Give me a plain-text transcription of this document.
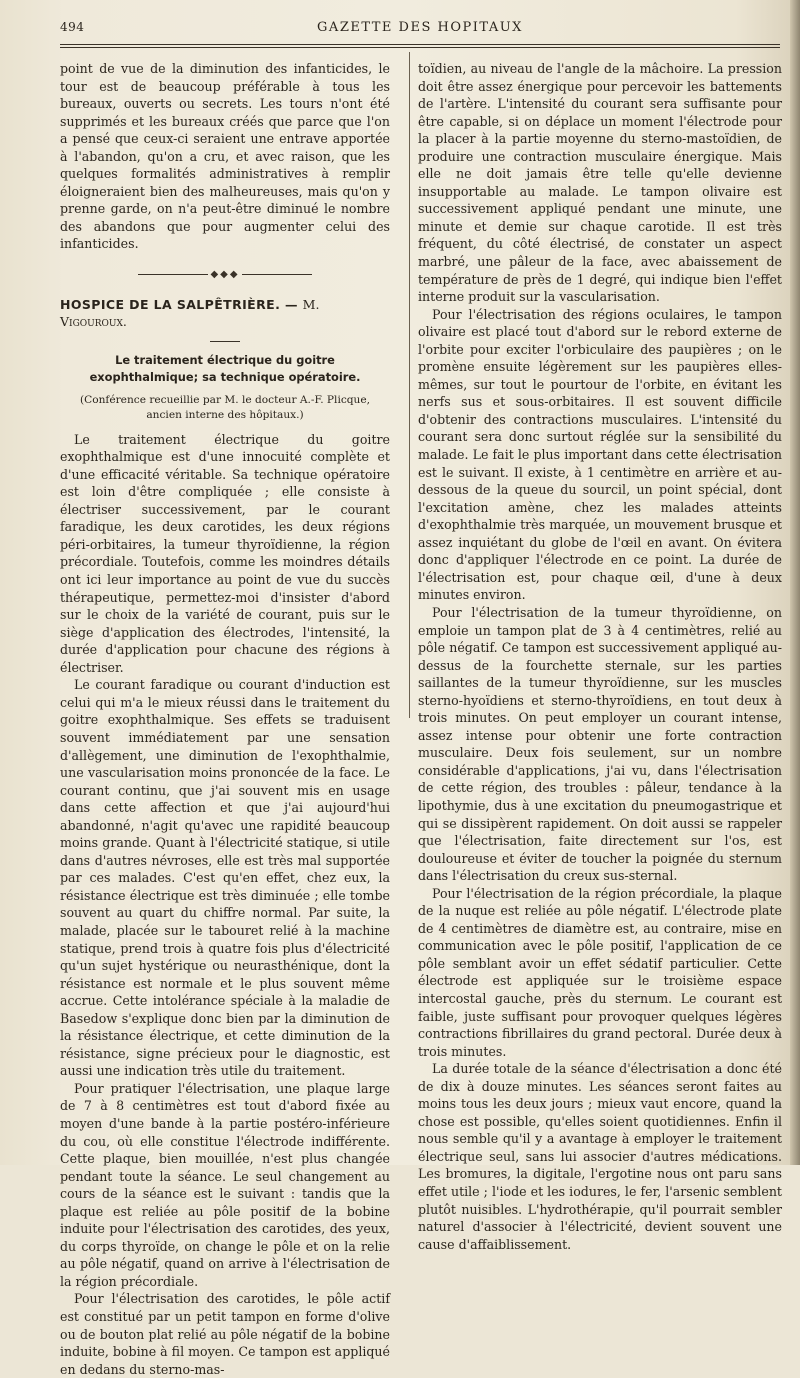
494	GAZETTE DES HOPITAUX

point de vue de la diminution des infanticides, le tour est de beaucoup préférable à tous les bureaux, ouverts ou secrets. Les tours n'ont été supprimés et les bureaux créés que parce que l'on a pensé que ceux-ci seraient une entrave apportée à l'abandon, qu'on a cru, et avec raison, que les quelques formalités administratives à remplir éloigneraient bien des malheureuses, mais qu'on y prenne garde, on n'a peut-être diminué le nombre des abandons que pour augmenter celui des infanticides.

◆◆◆

HOSPICE DE LA SALPÊTRIÈRE. — M. Vigouroux.

Le traitement électrique du goitre exophthalmique; sa technique opératoire.

(Conférence recueillie par M. le docteur A.-F. Plicque, ancien interne des hôpitaux.)

Le traitement électrique du goitre exophthalmique est d'une innocuité complète et d'une efficacité véritable. Sa technique opératoire est loin d'être compliquée ; elle consiste à électriser successivement, par le courant faradique, les deux carotides, les deux régions péri-orbitaires, la tumeur thyroïdienne, la région précordiale. Toutefois, comme les moindres détails ont ici leur importance au point de vue du succès thérapeutique, permettez-moi d'insister d'abord sur le choix de la variété de courant, puis sur le siège d'application des électrodes, l'intensité, la durée d'application pour chacune des régions à électriser.

Le courant faradique ou courant d'induction est celui qui m'a le mieux réussi dans le traitement du goitre exophthalmique. Ses effets se traduisent souvent immédiatement par une sensation d'allègement, une diminution de l'exophthalmie, une vascularisation moins prononcée de la face. Le courant continu, que j'ai souvent mis en usage dans cette affection et que j'ai aujourd'hui abandonné, n'agit qu'avec une rapidité beaucoup moins grande. Quant à l'électricité statique, si utile dans d'autres névroses, elle est très mal supportée par ces malades. C'est qu'en effet, chez eux, la résistance électrique est très diminuée ; elle tombe souvent au quart du chiffre normal. Par suite, la malade, placée sur le tabouret relié à la machine statique, prend trois à quatre fois plus d'électricité qu'un sujet hystérique ou neurasthénique, dont la résistance est normale et le plus souvent même accrue. Cette intolérance spéciale à la maladie de Basedow s'explique donc bien par la diminution de la résistance électrique, et cette diminution de la résistance, signe précieux pour le diagnostic, est aussi une indication très utile du traitement.

Pour pratiquer l'électrisation, une plaque large de 7 à 8 centimètres est tout d'abord fixée au moyen d'une bande à la partie postéro-inférieure du cou, où elle constitue l'électrode indifférente. Cette plaque, bien mouillée, n'est plus changée pendant toute la séance. Le seul changement au cours de la séance est le suivant : tandis que la plaque est reliée au pôle positif de la bobine induite pour l'électrisation des carotides, des yeux, du corps thyroïde, on change le pôle et on la relie au pôle négatif, quand on arrive à l'électrisation de la région précordiale.

Pour l'électrisation des carotides, le pôle actif est constitué par un petit tampon en forme d'olive ou de bouton plat relié au pôle négatif de la bobine induite, bobine à fil moyen. Ce tampon est appliqué en dedans du sterno-mas-

toïdien, au niveau de l'angle de la mâchoire. La pression doit être assez énergique pour percevoir les battements de l'artère. L'intensité du courant sera suffisante pour être capable, si on déplace un moment l'électrode pour la placer à la partie moyenne du sterno-mastoïdien, de produire une contraction musculaire énergique. Mais elle ne doit jamais être telle qu'elle devienne insupportable au malade. Le tampon olivaire est successivement appliqué pendant une minute, une minute et demie sur chaque carotide. Il est très fréquent, du côté électrisé, de constater un aspect marbré, une pâleur de la face, avec abaissement de température de près de 1 degré, qui indique bien l'effet interne produit sur la vascularisation.

Pour l'électrisation des régions oculaires, le tampon olivaire est placé tout d'abord sur le rebord externe de l'orbite pour exciter l'orbiculaire des paupières ; on le promène ensuite légèrement sur les paupières elles-mêmes, sur tout le pourtour de l'orbite, en évitant les nerfs sus et sous-orbitaires. Il est souvent difficile d'obtenir des contractions musculaires. L'intensité du courant sera donc surtout réglée sur la sensibilité du malade. Le fait le plus important dans cette électrisation est le suivant. Il existe, à 1 centimètre en arrière et au-dessous de la queue du sourcil, un point spécial, dont l'excitation amène, chez les malades atteints d'exophthalmie très marquée, un mouvement brusque et assez inquiétant du globe de l'œil en avant. On évitera donc d'appliquer l'électrode en ce point. La durée de l'électrisation est, pour chaque œil, d'une à deux minutes environ.

Pour l'électrisation de la tumeur thyroïdienne, on emploie un tampon plat de 3 à 4 centimètres, relié au pôle négatif. Ce tampon est successivement appliqué au-dessus de la fourchette sternale, sur les parties saillantes de la tumeur thyroïdienne, sur les muscles sterno-hyoïdiens et sterno-thyroïdiens, en tout deux à trois minutes. On peut employer un courant intense, assez intense pour obtenir une forte contraction musculaire. Deux fois seulement, sur un nombre considérable d'applications, j'ai vu, dans l'électrisation de cette région, des troubles : pâleur, tendance à la lipothymie, dus à une excitation du pneumogastrique et qui se dissipèrent rapidement. On doit aussi se rappeler que l'électrisation, faite directement sur l'os, est douloureuse et éviter de toucher la poignée du sternum dans l'électrisation du creux sus-sternal.

Pour l'électrisation de la région précordiale, la plaque de la nuque est reliée au pôle négatif. L'électrode plate de 4 centimètres de diamètre est, au contraire, mise en communication avec le pôle positif, l'application de ce pôle semblant avoir un effet sédatif particulier. Cette électrode est appliquée sur le troisième espace intercostal gauche, près du sternum. Le courant est faible, juste suffisant pour provoquer quelques légères contractions fibrillaires du grand pectoral. Durée deux à trois minutes.

La durée totale de la séance d'électrisation a donc été de dix à douze minutes. Les séances seront faites au moins tous les deux jours ; mieux vaut encore, quand la chose est possible, qu'elles soient quotidiennes. Enfin il nous semble qu'il y a avantage à employer le traitement électrique seul, sans lui associer d'autres médications. Les bromures, la digitale, l'ergotine nous ont paru sans effet utile ; l'iode et les iodures, le fer, l'arsenic semblent plutôt nuisibles. L'hydrothérapie, qu'il pourrait sembler naturel d'associer à l'électricité, devient souvent une cause d'affaiblissement.
